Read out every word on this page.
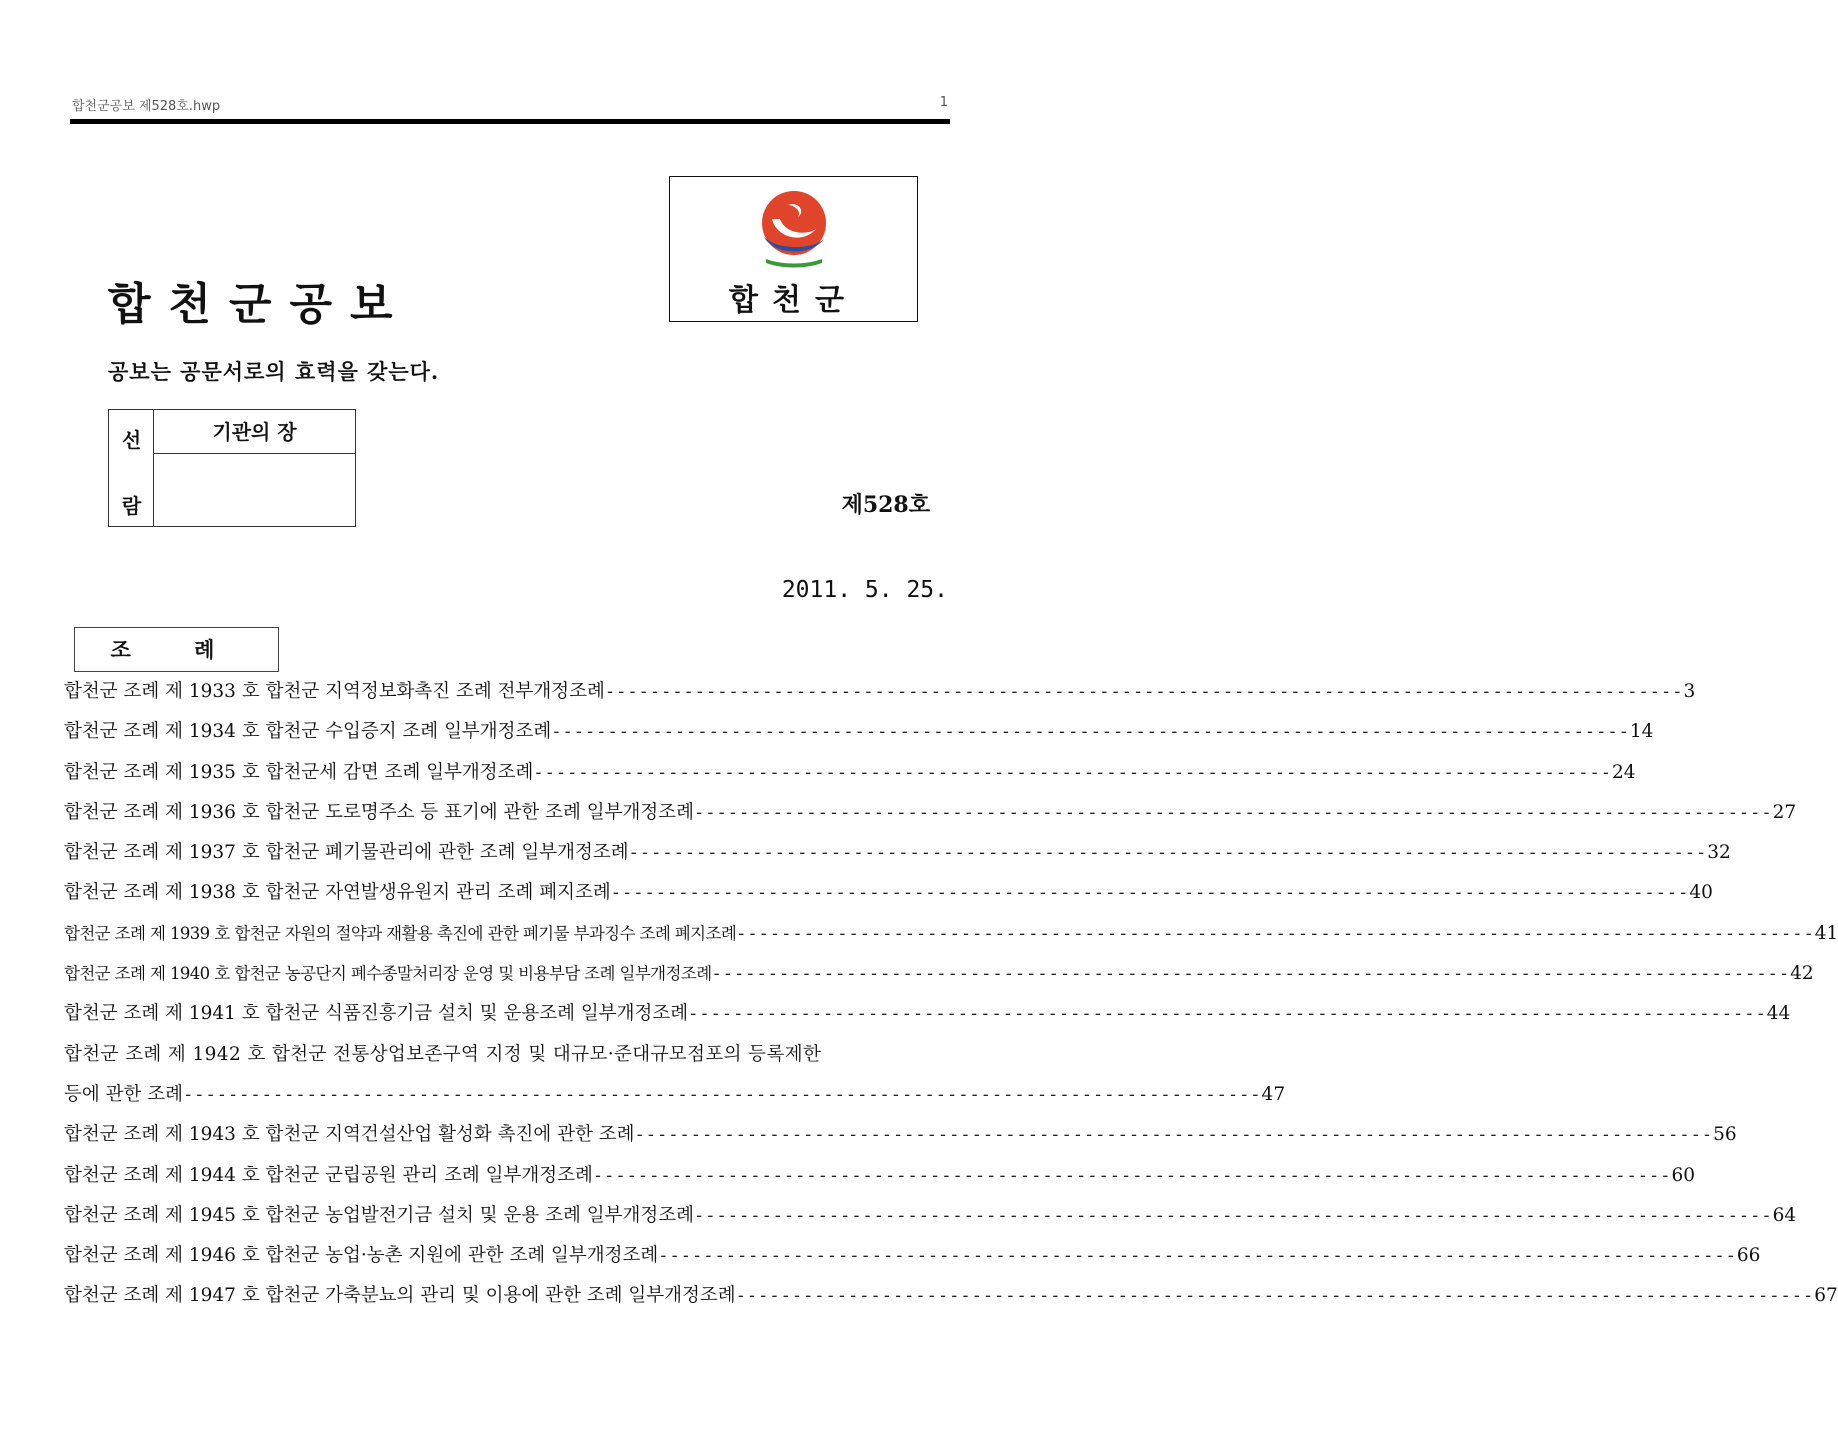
합천군공보 제528호.hwp	1
합천군공보
공보는 공문서로의 효력을 갖는다.
합천군
선
람
기관의 장
제528호
2011. 5. 25.
조 례
합천군 조례 제 1933 호 합천군 지역정보화촉진 조례 전부개정조례 ------------------------------------------------------------------------------------------------ 3
합천군 조례 제 1934 호 합천군 수입증지 조례 일부개정조례 ------------------------------------------------------------------------------------------------ 14
합천군 조례 제 1935 호 합천군세 감면 조례 일부개정조례 ------------------------------------------------------------------------------------------------ 24
합천군 조례 제 1936 호 합천군 도로명주소 등 표기에 관한 조례 일부개정조례 ------------------------------------------------------------------------------------------------ 27
합천군 조례 제 1937 호 합천군 폐기물관리에 관한 조례 일부개정조례 ------------------------------------------------------------------------------------------------ 32
합천군 조례 제 1938 호 합천군 자연발생유원지 관리 조례 폐지조례 ------------------------------------------------------------------------------------------------ 40
합천군 조례 제 1939 호 합천군 자원의 절약과 재활용 촉진에 관한 폐기물 부과징수 조례 폐지조례 ------------------------------------------------------------------------------------------------ 41
합천군 조례 제 1940 호 합천군 농공단지 폐수종말처리장 운영 및 비용부담 조례 일부개정조례 ------------------------------------------------------------------------------------------------ 42
합천군 조례 제 1941 호 합천군 식품진흥기금 설치 및 운용조례 일부개정조례 ------------------------------------------------------------------------------------------------ 44
합천군 조례 제 1942 호 합천군 전통상업보존구역 지정 및 대규모·준대규모점포의 등록제한
등에 관한 조례 ------------------------------------------------------------------------------------------------ 47
합천군 조례 제 1943 호 합천군 지역건설산업 활성화 촉진에 관한 조례 ------------------------------------------------------------------------------------------------ 56
합천군 조례 제 1944 호 합천군 군립공원 관리 조례 일부개정조례 ------------------------------------------------------------------------------------------------ 60
합천군 조례 제 1945 호 합천군 농업발전기금 설치 및 운용 조례 일부개정조례 ------------------------------------------------------------------------------------------------ 64
합천군 조례 제 1946 호 합천군 농업·농촌 지원에 관한 조례 일부개정조례 ------------------------------------------------------------------------------------------------ 66
합천군 조례 제 1947 호 합천군 가축분뇨의 관리 및 이용에 관한 조례 일부개정조례 ------------------------------------------------------------------------------------------------ 67
